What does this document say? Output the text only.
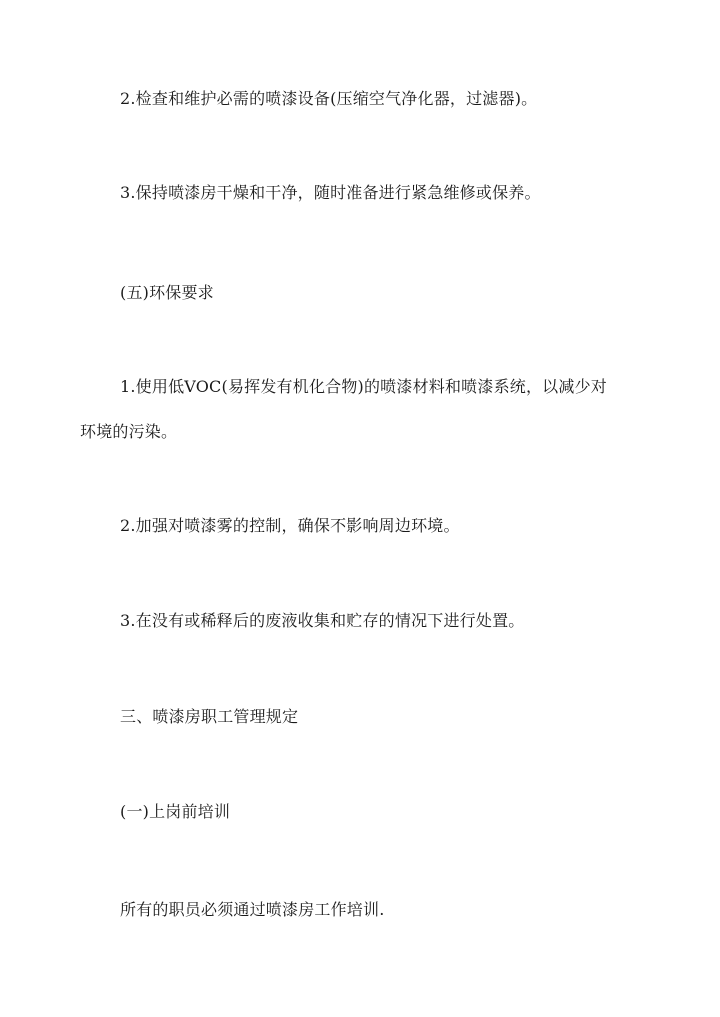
2.检查和维护必需的喷漆设备(压缩空气净化器，过滤器)。
3.保持喷漆房干燥和干净，随时准备进行紧急维修或保养。
(五)环保要求
1.使用低VOC(易挥发有机化合物)的喷漆材料和喷漆系统，以减少对
环境的污染。
2.加强对喷漆雾的控制，确保不影响周边环境。
3.在没有或稀释后的废液收集和贮存的情况下进行处置。
三、喷漆房职工管理规定
(一)上岗前培训
所有的职员必须通过喷漆房工作培训.
